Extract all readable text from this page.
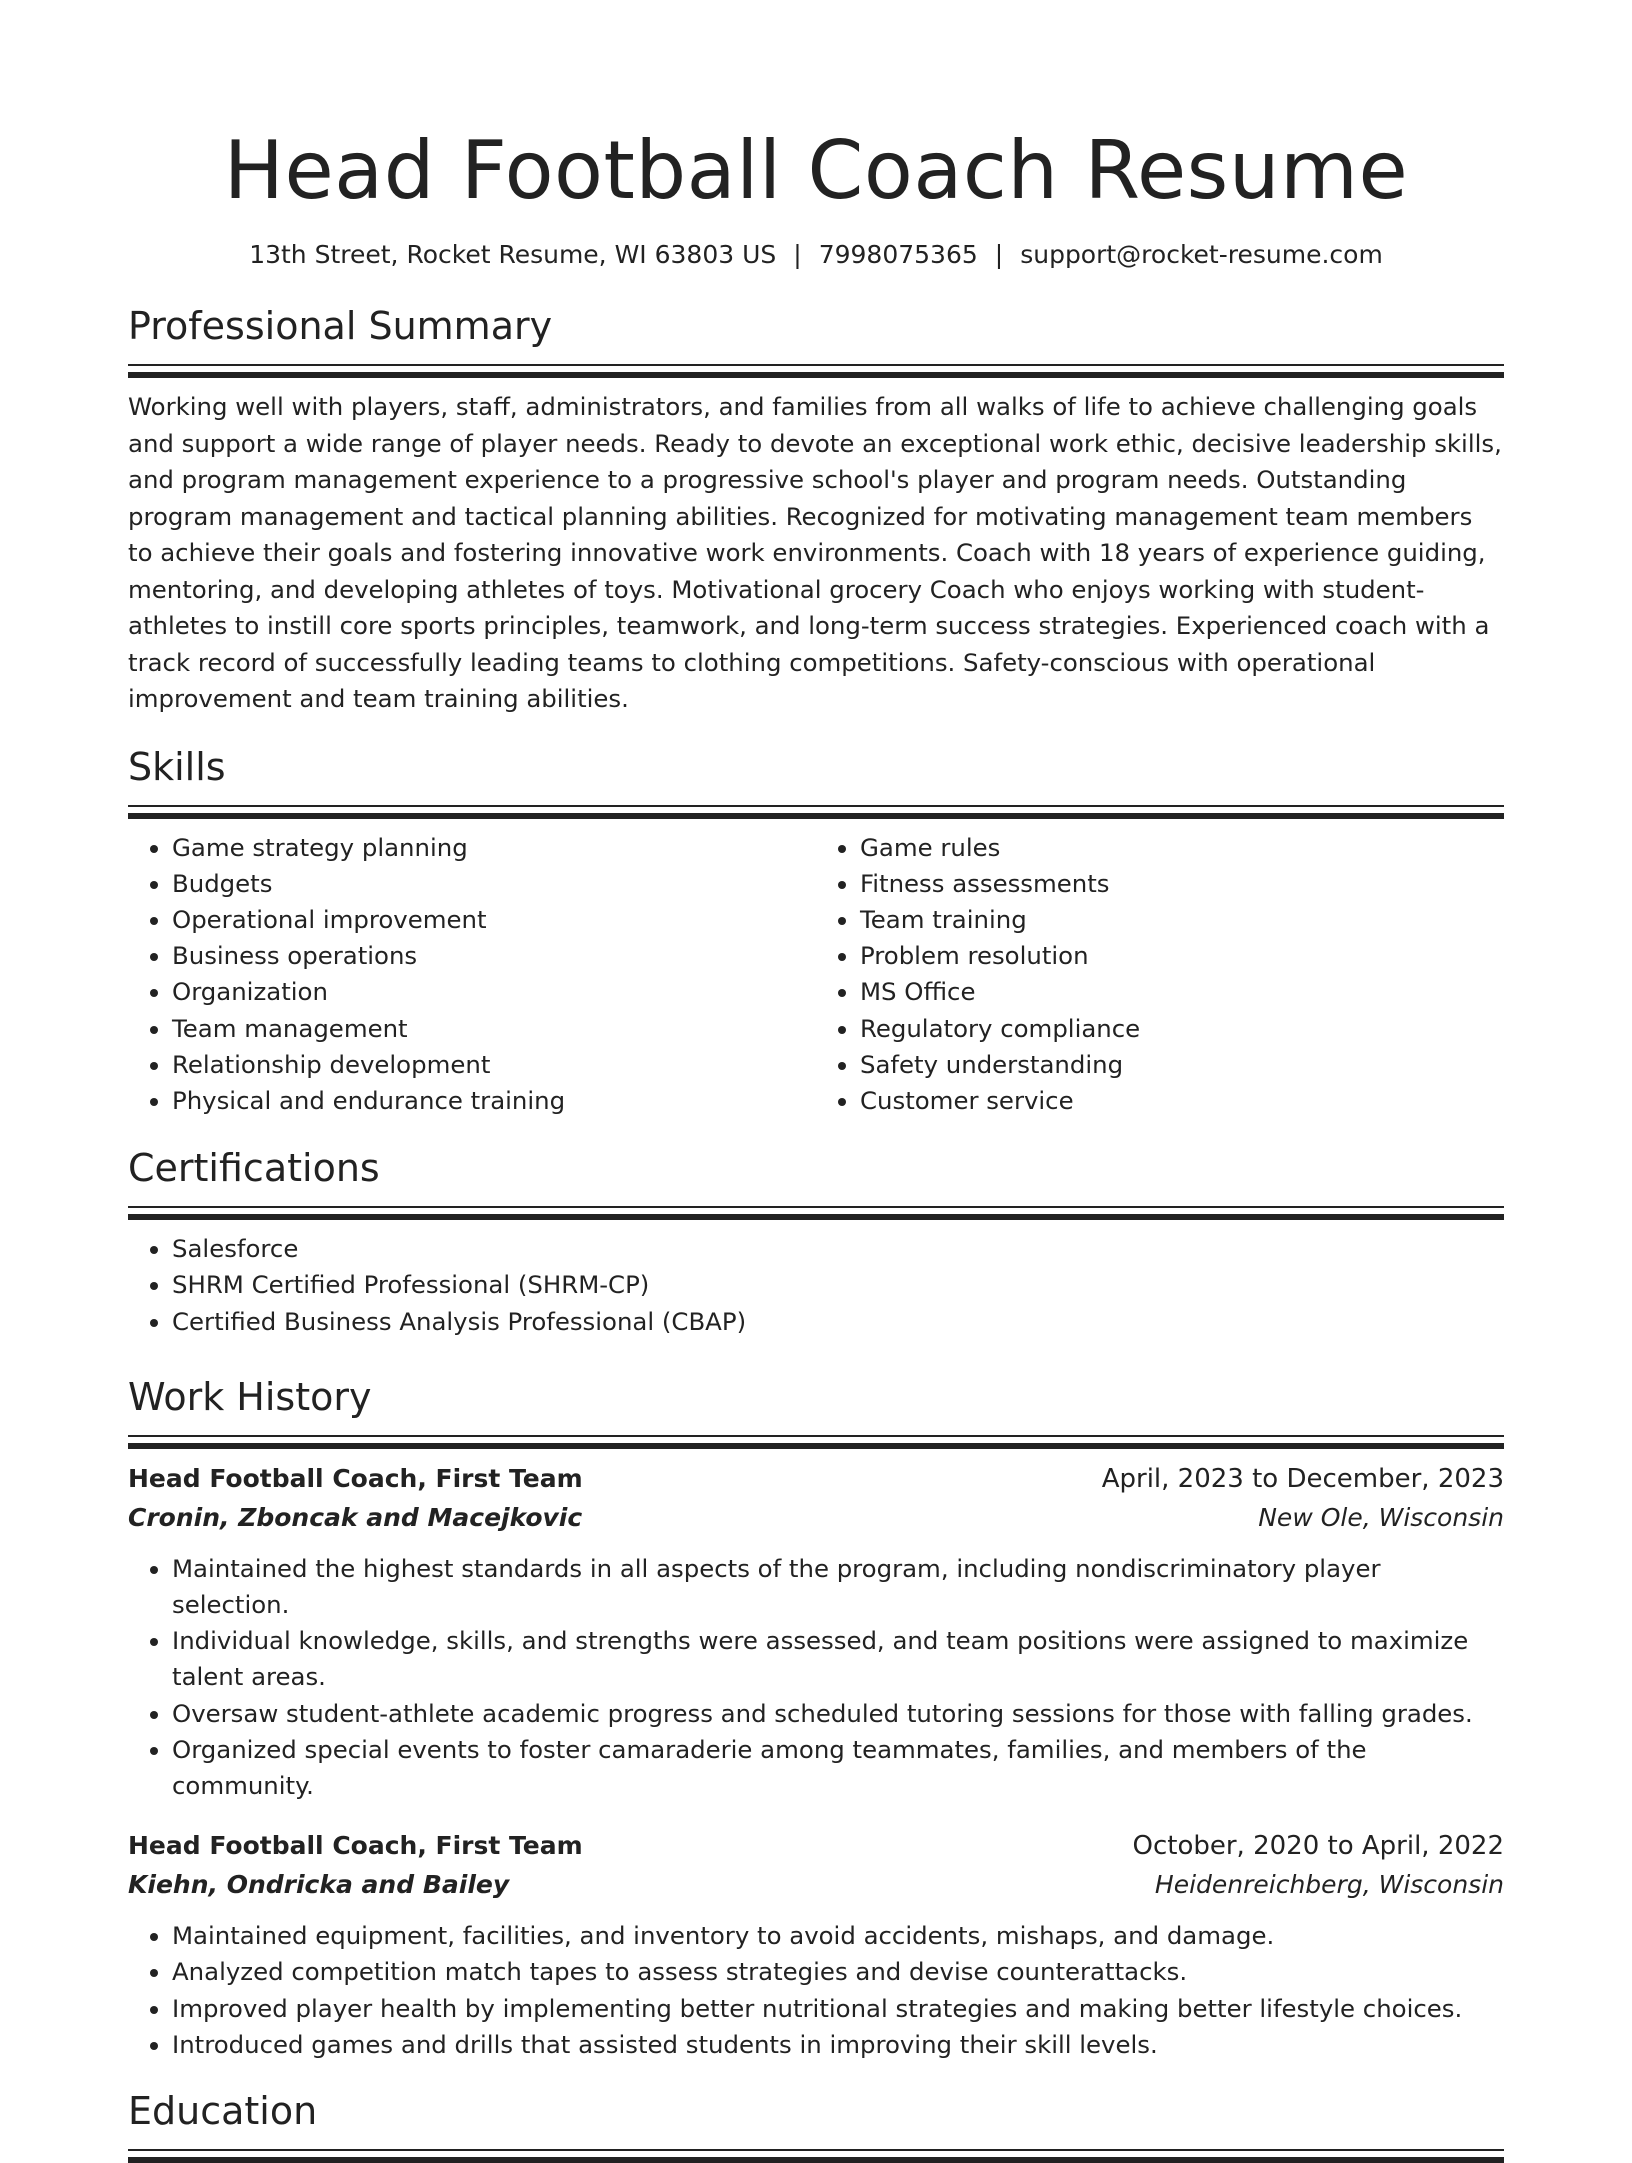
Head Football Coach Resume
13th Street, Rocket Resume, WI 63803 US | 7998075365 | support@rocket-resume.com
Professional Summary
Working well with players, staff, administrators, and families from all walks of life to achieve challenging goals and support a wide range of player needs. Ready to devote an exceptional work ethic, decisive leadership skills, and program management experience to a progressive school's player and program needs. Outstanding program management and tactical planning abilities. Recognized for motivating management team members to achieve their goals and fostering innovative work environments. Coach with 18 years of experience guiding, mentoring, and developing athletes of toys. Motivational grocery Coach who enjoys working with student-athletes to instill core sports principles, teamwork, and long-term success strategies. Experienced coach with a track record of successfully leading teams to clothing competitions. Safety-conscious with operational improvement and team training abilities.
Skills
• Game strategy planning
• Budgets
• Operational improvement
• Business operations
• Organization
• Team management
• Relationship development
• Physical and endurance training
• Game rules
• Fitness assessments
• Team training
• Problem resolution
• MS Office
• Regulatory compliance
• Safety understanding
• Customer service
Certifications
• Salesforce
• SHRM Certified Professional (SHRM-CP)
• Certified Business Analysis Professional (CBAP)
Work History
Head Football Coach, First Team	April, 2023 to December, 2023
Cronin, Zboncak and Macejkovic	New Ole, Wisconsin
• Maintained the highest standards in all aspects of the program, including nondiscriminatory player selection.
• Individual knowledge, skills, and strengths were assessed, and team positions were assigned to maximize talent areas.
• Oversaw student-athlete academic progress and scheduled tutoring sessions for those with falling grades.
• Organized special events to foster camaraderie among teammates, families, and members of the community.
Head Football Coach, First Team	October, 2020 to April, 2022
Kiehn, Ondricka and Bailey	Heidenreichberg, Wisconsin
• Maintained equipment, facilities, and inventory to avoid accidents, mishaps, and damage.
• Analyzed competition match tapes to assess strategies and devise counterattacks.
• Improved player health by implementing better nutritional strategies and making better lifestyle choices.
• Introduced games and drills that assisted students in improving their skill levels.
Education
